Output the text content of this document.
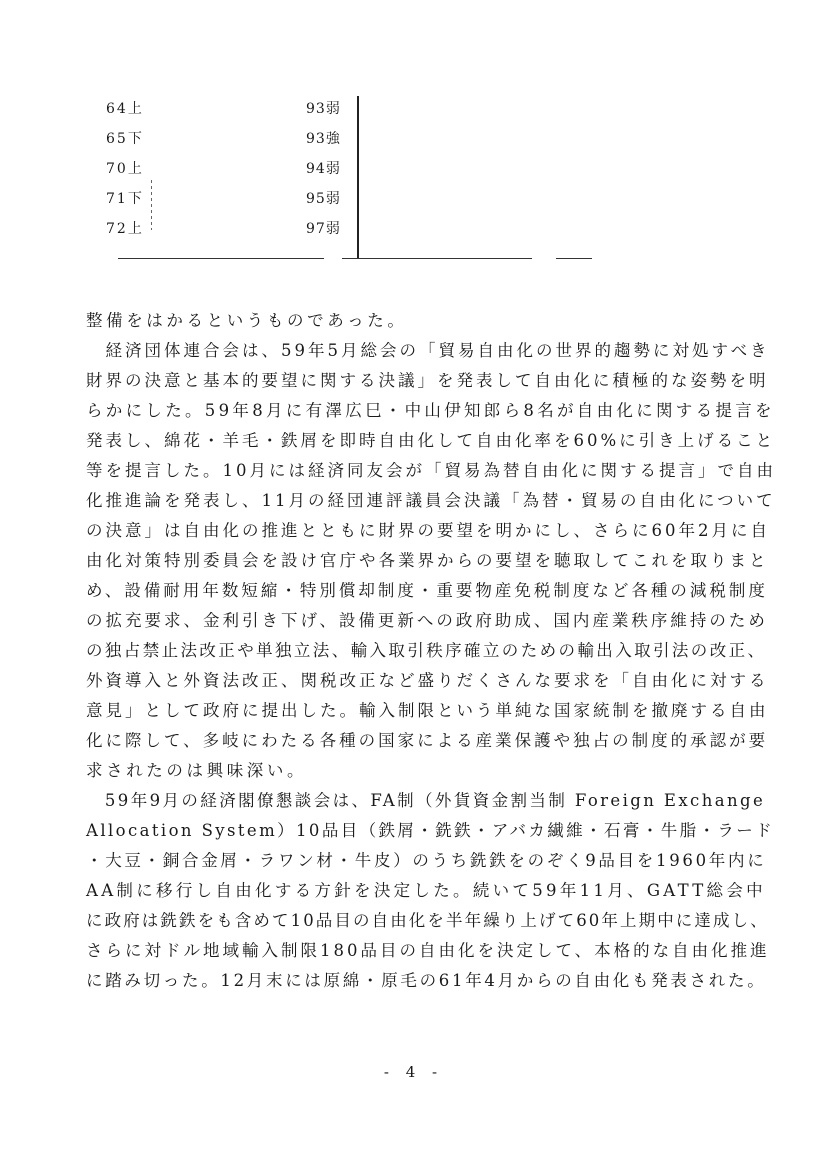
64上	93弱
65下	93強
70上	94弱
71下	95弱
72上	97弱
整備をはかるというものであった。
　経済団体連合会は、59年5月総会の「貿易自由化の世界的趨勢に対処すべき
財界の決意と基本的要望に関する決議」を発表して自由化に積極的な姿勢を明
らかにした。59年8月に有澤広巳・中山伊知郎ら8名が自由化に関する提言を
発表し、綿花・羊毛・鉄屑を即時自由化して自由化率を60%に引き上げること
等を提言した。10月には経済同友会が「貿易為替自由化に関する提言」で自由
化推進論を発表し、11月の経団連評議員会決議「為替・貿易の自由化について
の決意」は自由化の推進とともに財界の要望を明かにし、さらに60年2月に自
由化対策特別委員会を設け官庁や各業界からの要望を聴取してこれを取りまと
め、設備耐用年数短縮・特別償却制度・重要物産免税制度など各種の減税制度
の拡充要求、金利引き下げ、設備更新への政府助成、国内産業秩序維持のため
の独占禁止法改正や単独立法、輸入取引秩序確立のための輸出入取引法の改正、
外資導入と外資法改正、関税改正など盛りだくさんな要求を「自由化に対する
意見」として政府に提出した。輸入制限という単純な国家統制を撤廃する自由
化に際して、多岐にわたる各種の国家による産業保護や独占の制度的承認が要
求されたのは興味深い。
　59年9月の経済閣僚懇談会は、FA制（外貨資金割当制 Foreign Exchange
Allocation System）10品目（鉄屑・銑鉄・アバカ繊維・石膏・牛脂・ラード
・大豆・銅合金屑・ラワン材・牛皮）のうち銑鉄をのぞく9品目を1960年内に
AA制に移行し自由化する方針を決定した。続いて59年11月、GATT総会中
に政府は銑鉄をも含めて10品目の自由化を半年繰り上げて60年上期中に達成し、
さらに対ドル地域輸入制限180品目の自由化を決定して、本格的な自由化推進
に踏み切った。12月末には原綿・原毛の61年4月からの自由化も発表された。
- 4 -
